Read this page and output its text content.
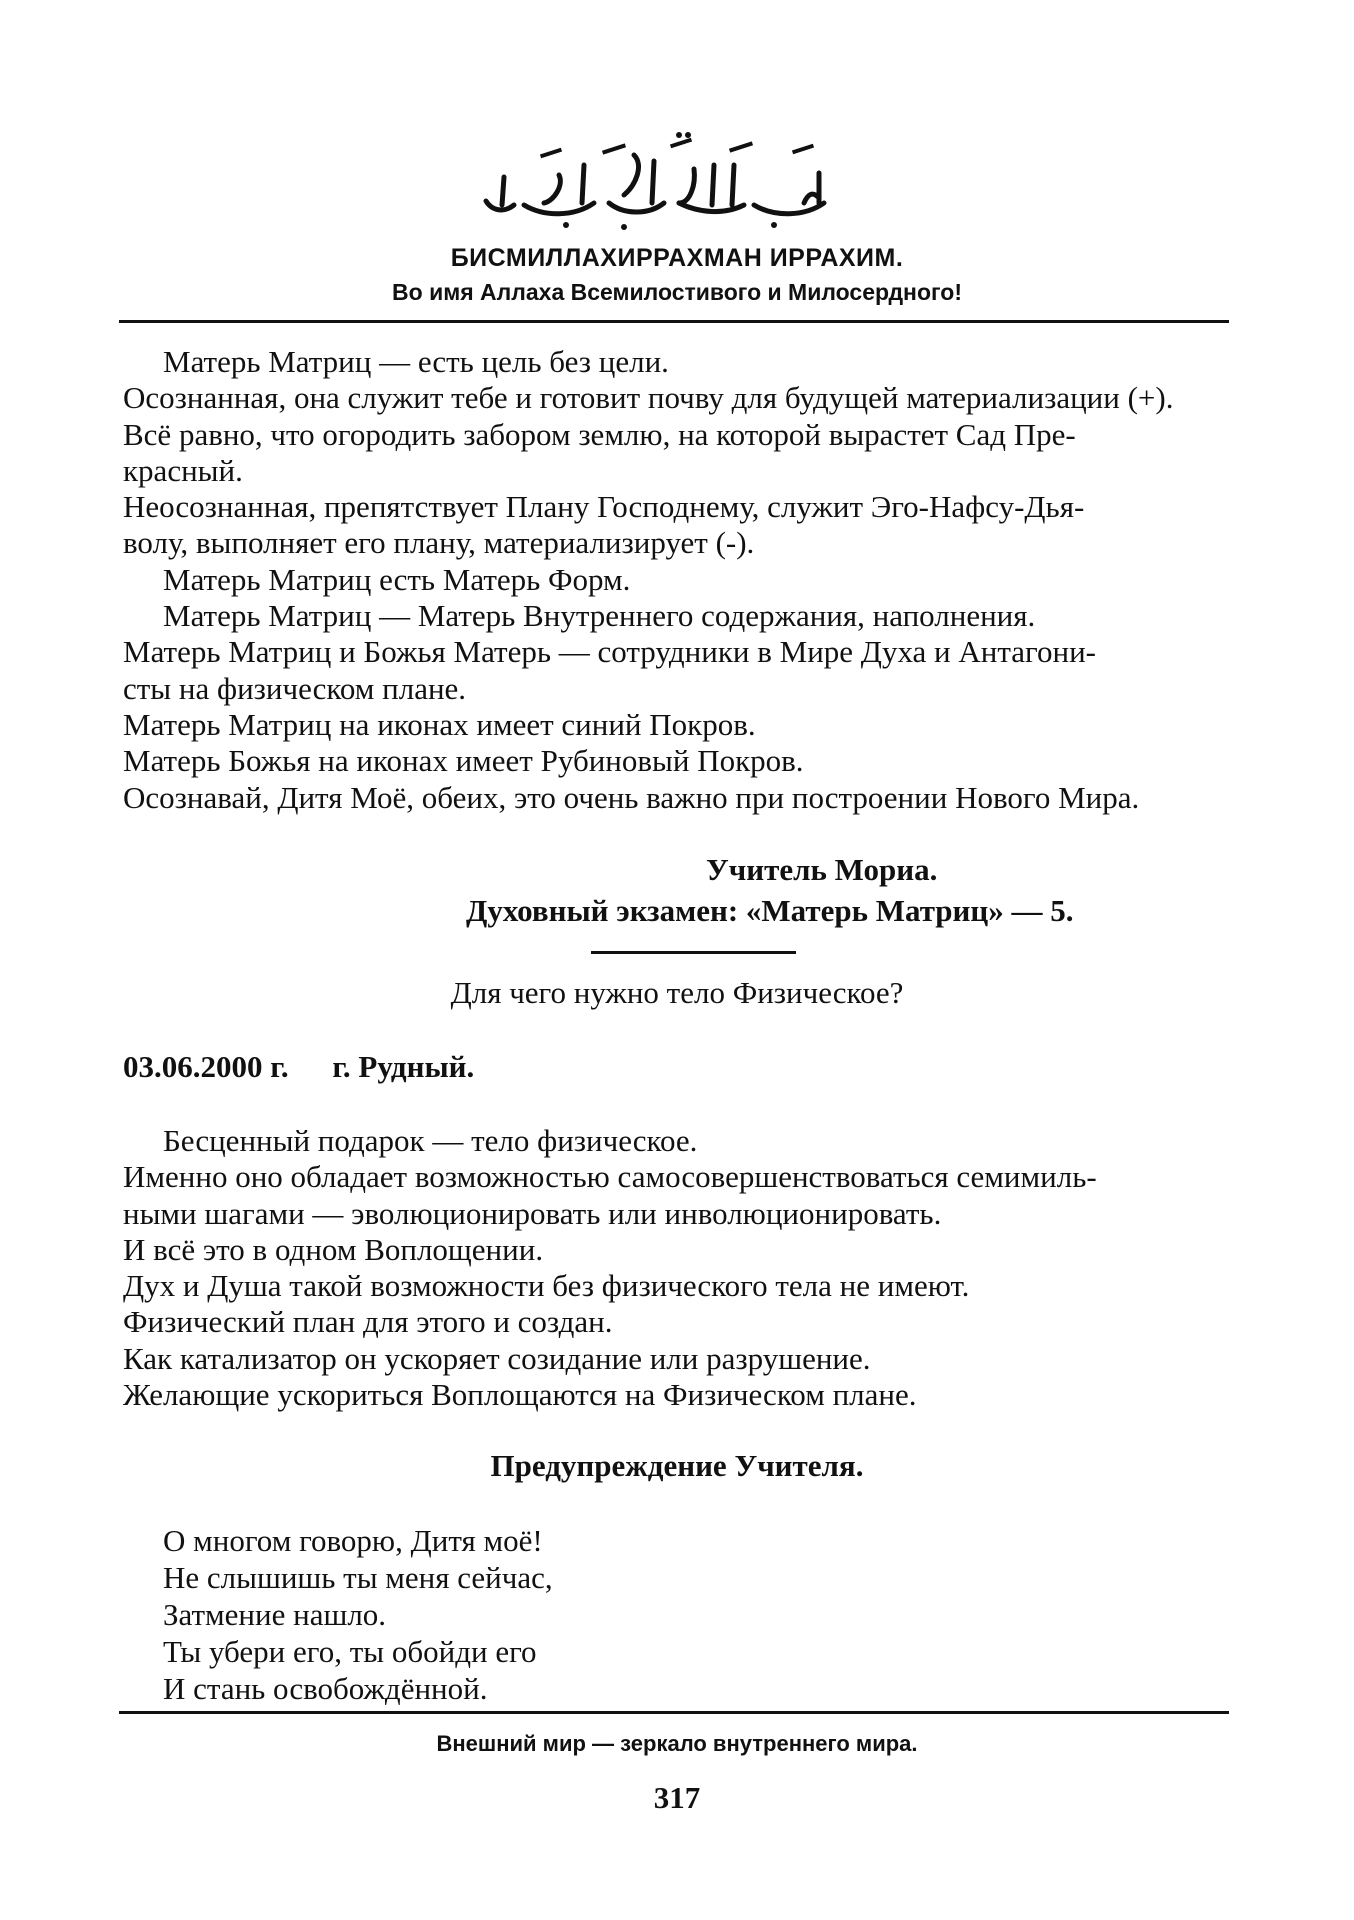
БИСМИЛЛАХИРРАХМАН ИРРАХИМ.
Во имя Аллаха Всемилостивого и Милосердного!
Матерь Матриц — есть цель без цели.
Осознанная, она служит тебе и готовит почву для будущей материализации (+).
Всё равно, что огородить забором землю, на которой вырастет Сад Пре-
красный.
Неосознанная, препятствует Плану Господнему, служит Эго-Нафсу-Дья-
волу, выполняет его плану, материализирует (-).
Матерь Матриц есть Матерь Форм.
Матерь Матриц — Матерь Внутреннего содержания, наполнения.
Матерь Матриц и Божья Матерь — сотрудники в Мире Духа и Антагони-
сты на физическом плане.
Матерь Матриц на иконах имеет синий Покров.
Матерь Божья на иконах имеет Рубиновый Покров.
Осознавай, Дитя Моё, обеих, это очень важно при построении Нового Мира.
Учитель Мориа.
Духовный экзамен: «Матерь Матриц» — 5.
Для чего нужно тело Физическое?
03.06.2000 г. г. Рудный.
Бесценный подарок — тело физическое.
Именно оно обладает возможностью самосовершенствоваться семимиль-
ными шагами — эволюционировать или инволюционировать.
И всё это в одном Воплощении.
Дух и Душа такой возможности без физического тела не имеют.
Физический план для этого и создан.
Как катализатор он ускоряет созидание или разрушение.
Желающие ускориться Воплощаются на Физическом плане.
Предупреждение Учителя.
О многом говорю, Дитя моё!
Не слышишь ты меня сейчас,
Затмение нашло.
Ты убери его, ты обойди его
И стань освобождённой.
Внешний мир — зеркало внутреннего мира.
317
